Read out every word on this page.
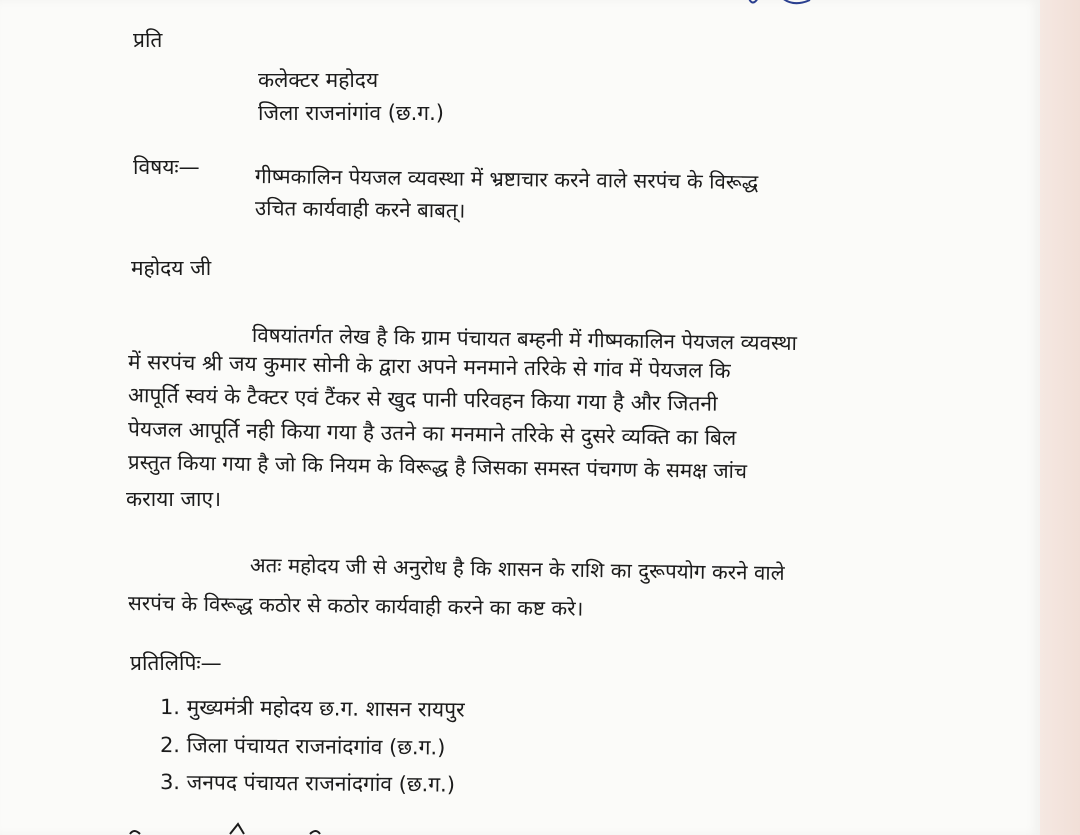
प्रति
कलेक्टर महोदय
जिला राजनांगांव (छ.ग.)
विषयः—	गीष्मकालिन पेयजल व्यवस्था में भ्रष्टाचार करने वाले सरपंच के विरूद्ध
उचित कार्यवाही करने बाबत्।
महोदय जी
विषयांतर्गत लेख है कि ग्राम पंचायत बम्हनी में गीष्मकालिन पेयजल व्यवस्था
में सरपंच श्री जय कुमार सोनी के द्वारा अपने मनमाने तरिके से गांव में पेयजल कि
आपूर्ति स्वयं के टैक्टर एवं टैंकर से खुद पानी परिवहन किया गया है और जितनी
पेयजल आपूर्ति नही किया गया है उतने का मनमाने तरिके से दुसरे व्यक्ति का बिल
प्रस्तुत किया गया है जो कि नियम के विरूद्ध है जिसका समस्त पंचगण के समक्ष जांच
कराया जाए।
अतः महोदय जी से अनुरोध है कि शासन के राशि का दुरूपयोग करने वाले
सरपंच के विरूद्ध कठोर से कठोर कार्यवाही करने का कष्ट करे।
प्रतिलिपिः—
1. मुख्यमंत्री महोदय छ.ग. शासन रायपुर
2. जिला पंचायत राजनांदगांव (छ.ग.)
3. जनपद पंचायत राजनांदगांव (छ.ग.)
